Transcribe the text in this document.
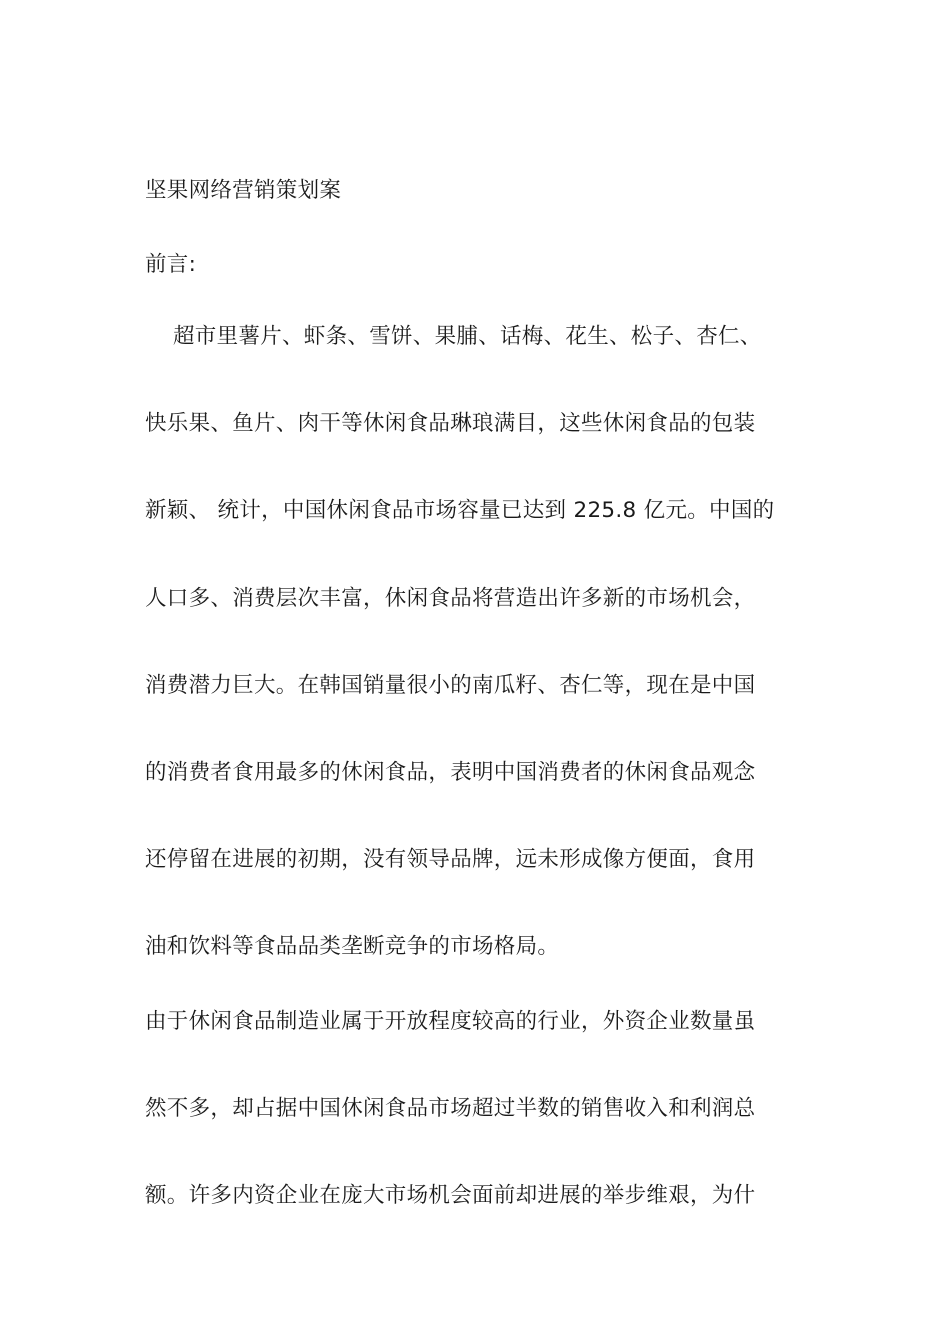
坚果网络营销策划案
前言:
超市里薯片、虾条、雪饼、果脯、话梅、花生、松子、杏仁、
快乐果、鱼片、肉干等休闲食品琳琅满目，这些休闲食品的包装
新颖、 统计，中国休闲食品市场容量已达到 225.8 亿元。中国的
人口多、消费层次丰富，休闲食品将营造出许多新的市场机会，
消费潜力巨大。在韩国销量很小的南瓜籽、杏仁等，现在是中国
的消费者食用最多的休闲食品，表明中国消费者的休闲食品观念
还停留在进展的初期，没有领导品牌，远未形成像方便面，食用
油和饮料等食品品类垄断竞争的市场格局。
由于休闲食品制造业属于开放程度较高的行业，外资企业数量虽
然不多，却占据中国休闲食品市场超过半数的销售收入和利润总
额。许多内资企业在庞大市场机会面前却进展的举步维艰，为什
